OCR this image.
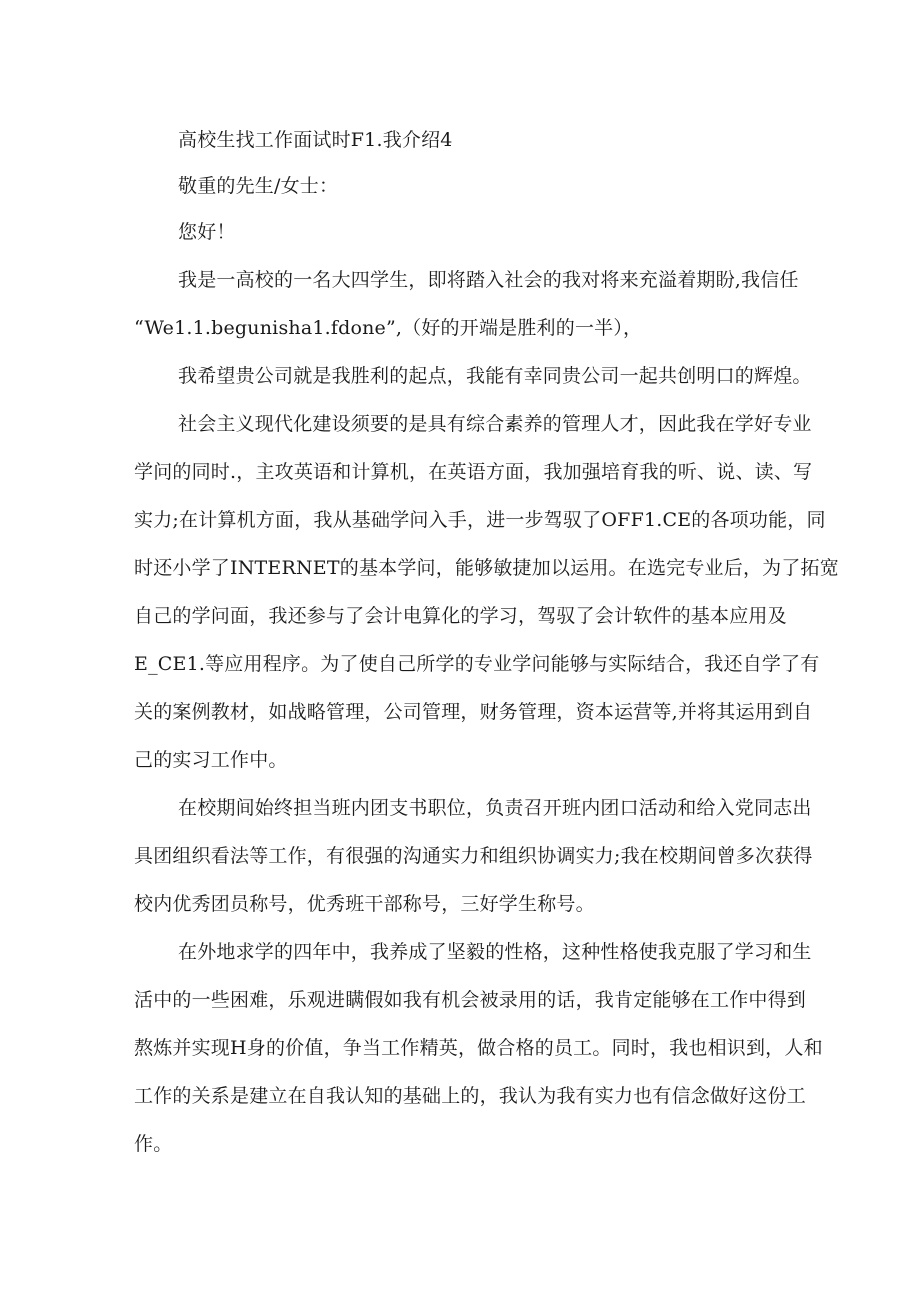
高校生找工作面试时F1.我介绍4
敬重的先生/女士：
您好！
我是一高校的一名大四学生，即将踏入社会的我对将来充溢着期盼,我信任
“We1.1.begunisha1.fdone”,（好的开端是胜利的一半），
我希望贵公司就是我胜利的起点，我能有幸同贵公司一起共创明口的辉煌。
社会主义现代化建设须要的是具有综合素养的管理人才，因此我在学好专业
学问的同时.，主攻英语和计算机，在英语方面，我加强培育我的听、说、读、写
实力;在计算机方面，我从基础学问入手，进一步驾驭了OFF1.CE的各项功能，同
时还小学了INTERNET的基本学问，能够敏捷加以运用。在选完专业后，为了拓宽
自己的学问面，我还参与了会计电算化的学习，驾驭了会计软件的基本应用及
E_CE1.等应用程序。为了使自己所学的专业学问能够与实际结合，我还自学了有
关的案例教材，如战略管理，公司管理，财务管理，资本运营等,并将其运用到自
己的实习工作中。
在校期间始终担当班内团支书职位，负责召开班内团口活动和给入党同志出
具团组织看法等工作，有很强的沟通实力和组织协调实力;我在校期间曾多次获得
校内优秀团员称号，优秀班干部称号，三好学生称号。
在外地求学的四年中，我养成了坚毅的性格，这种性格使我克服了学习和生
活中的一些困难，乐观进瞒假如我有机会被录用的话，我肯定能够在工作中得到
熬炼并实现H身的价值，争当工作精英，做合格的员工。同时，我也相识到，人和
工作的关系是建立在自我认知的基础上的，我认为我有实力也有信念做好这份工
作。
